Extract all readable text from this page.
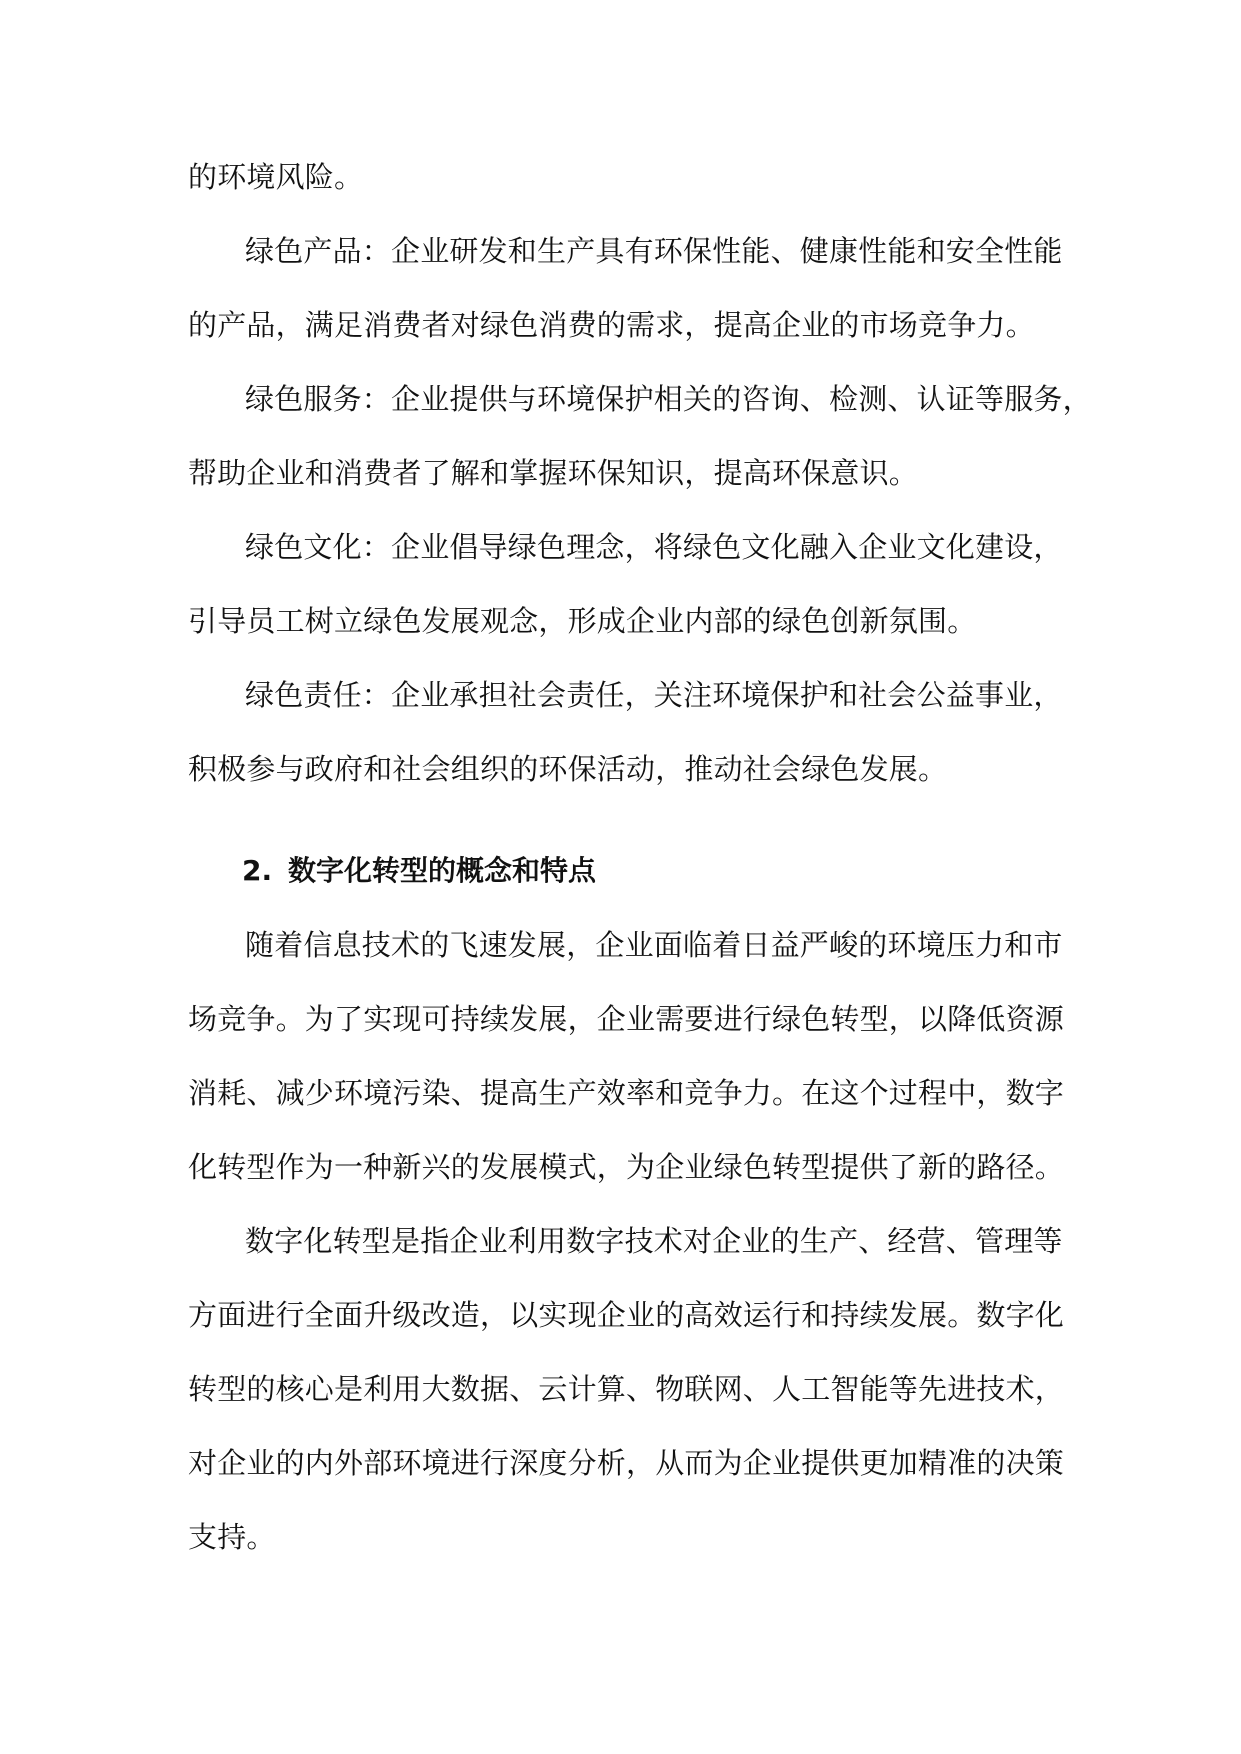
的环境风险。
绿色产品：企业研发和生产具有环保性能、健康性能和安全性能
的产品，满足消费者对绿色消费的需求，提高企业的市场竞争力。
绿色服务：企业提供与环境保护相关的咨询、检测、认证等服务，
帮助企业和消费者了解和掌握环保知识，提高环保意识。
绿色文化：企业倡导绿色理念，将绿色文化融入企业文化建设，
引导员工树立绿色发展观念，形成企业内部的绿色创新氛围。
绿色责任：企业承担社会责任，关注环境保护和社会公益事业，
积极参与政府和社会组织的环保活动，推动社会绿色发展。
2. 数字化转型的概念和特点
随着信息技术的飞速发展，企业面临着日益严峻的环境压力和市
场竞争。为了实现可持续发展，企业需要进行绿色转型，以降低资源
消耗、减少环境污染、提高生产效率和竞争力。在这个过程中，数字
化转型作为一种新兴的发展模式，为企业绿色转型提供了新的路径。
数字化转型是指企业利用数字技术对企业的生产、经营、管理等
方面进行全面升级改造，以实现企业的高效运行和持续发展。数字化
转型的核心是利用大数据、云计算、物联网、人工智能等先进技术，
对企业的内外部环境进行深度分析，从而为企业提供更加精准的决策
支持。
